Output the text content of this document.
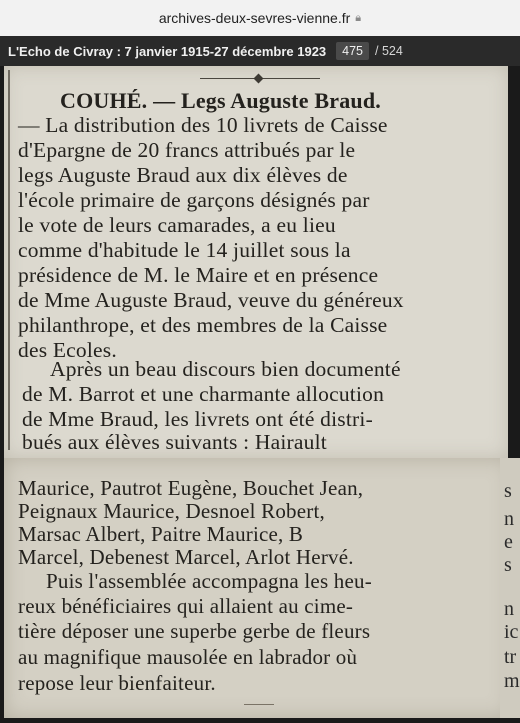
archives-deux-sevres-vienne.fr 🔒︎
L'Echo de Civray : 7 janvier 1915-27 décembre 1923	475 / 524
COUHÉ. — Legs Auguste Braud.
— La distribution des 10 livrets de Caisse
d'Epargne de 20 francs attribués par le
legs Auguste Braud aux dix élèves de
l'école primaire de garçons désignés par
le vote de leurs camarades, a eu lieu
comme d'habitude le 14 juillet sous la
présidence de M. le Maire et en présence
de Mme Auguste Braud, veuve du généreux
philanthrope, et des membres de la Caisse
des Ecoles.
Après un beau discours bien documenté
de M. Barrot et une charmante allocution
de Mme Braud, les livrets ont été distri-
bués aux élèves suivants : Hairault
s
n
e
s
n
ic
tr
m
Maurice, Pautrot Eugène, Bouchet Jean,
Peignaux Maurice, Desnoel Robert,
Marsac Albert, Paitre Maurice, B
Marcel, Debenest Marcel, Arlot Hervé.
Puis l'assemblée accompagna les heu-
reux bénéficiaires qui allaient au cime-
tière déposer une superbe gerbe de fleurs
au magnifique mausolée en labrador où
repose leur bienfaiteur.
